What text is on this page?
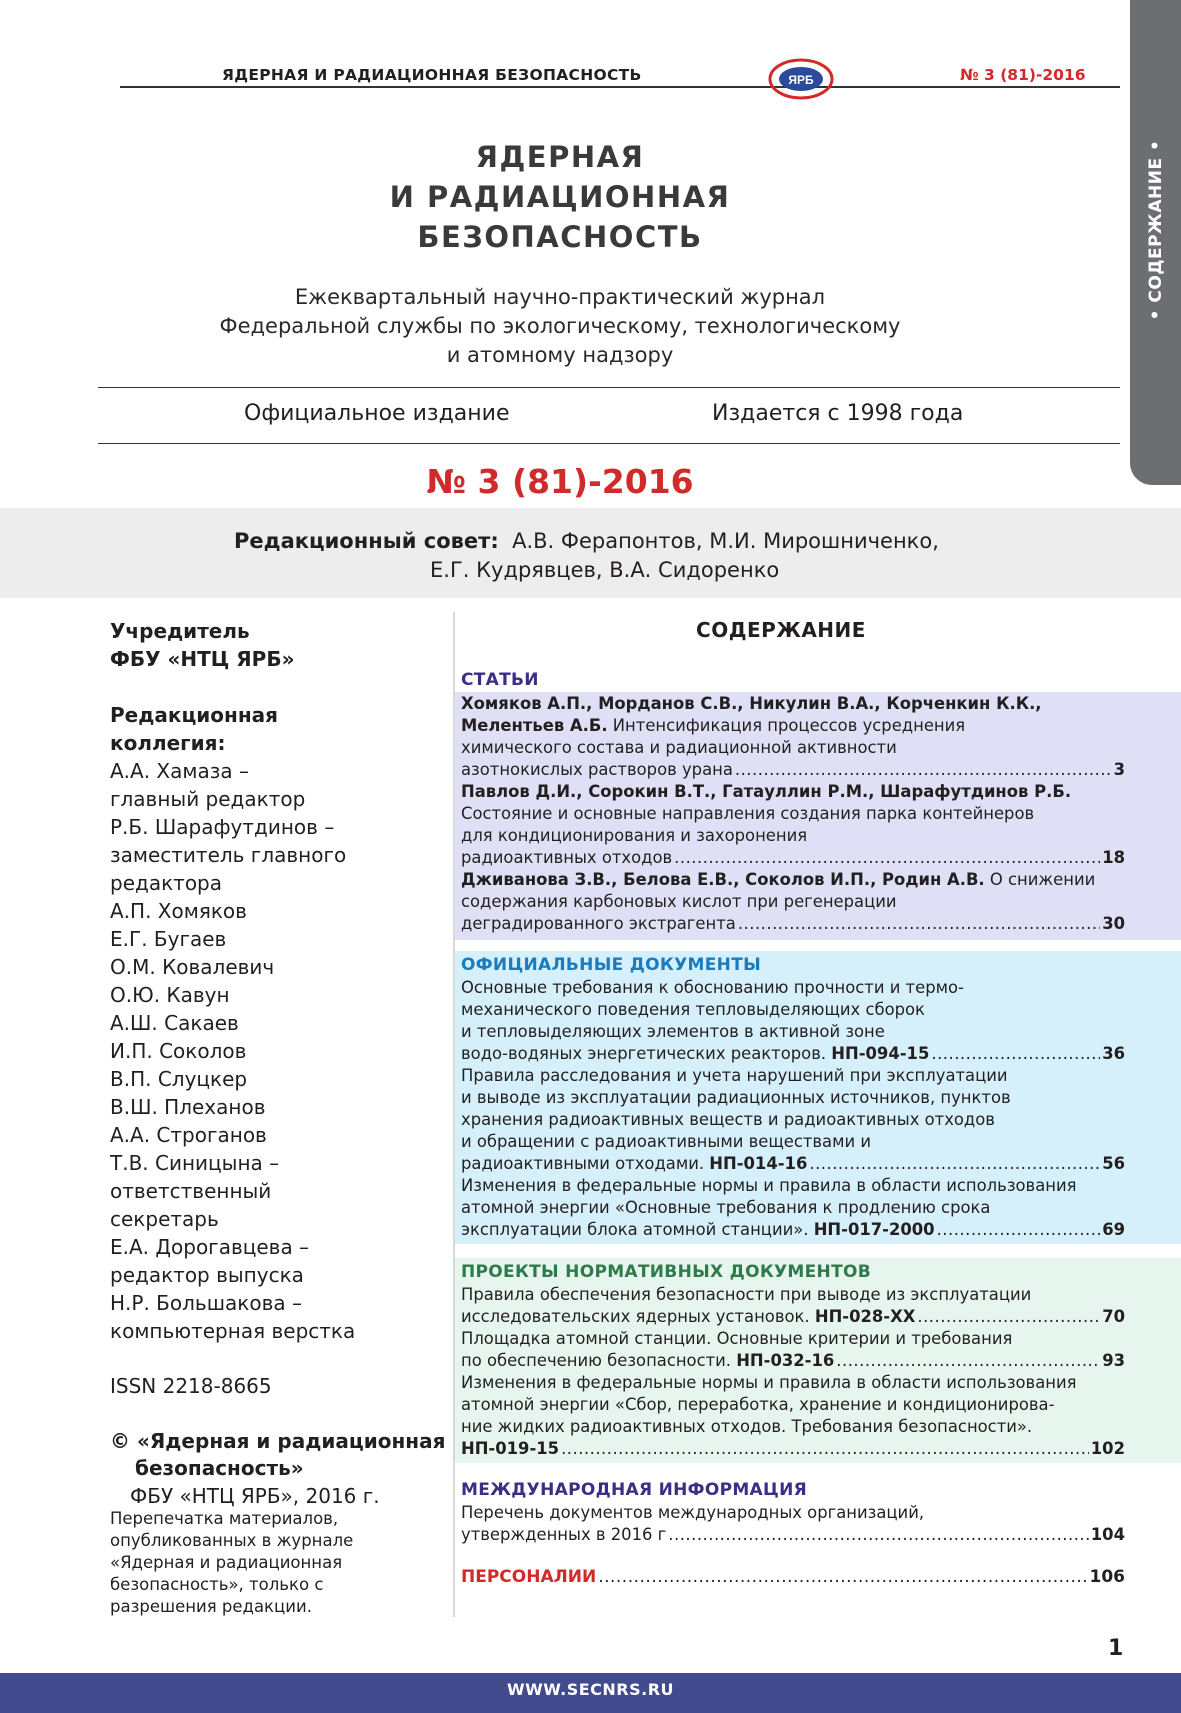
ЯДЕРНАЯ И РАДИАЦИОННАЯ БЕЗОПАСНОСТЬ	№ 3 (81)-2016
ЯРБ
• СОДЕРЖАНИЕ •
ЯДЕРНАЯ
И РАДИАЦИОННАЯ
БЕЗОПАСНОСТЬ
Ежеквартальный научно-практический журнал
Федеральной службы по экологическому, технологическому
и атомному надзору
Официальное издание	Издается с 1998 года
№ 3 (81)-2016
Редакционный совет: А.В. Ферапонтов, М.И. Мирошниченко,
Е.Г. Кудрявцев, В.А. Сидоренко
Учредитель
ФБУ «НТЦ ЯРБ»
Редакционная
коллегия:
А.А. Хамаза –
главный редактор
Р.Б. Шарафутдинов –
заместитель главного
редактора
А.П. Хомяков
Е.Г. Бугаев
О.М. Ковалевич
О.Ю. Кавун
А.Ш. Сакаев
И.П. Соколов
В.П. Слуцкер
В.Ш. Плеханов
А.А. Строганов
Т.В. Синицына –
ответственный
секретарь
Е.А. Дорогавцева –
редактор выпуска
Н.Р. Большакова –
компьютерная верстка
ISSN 2218-8665
© «Ядерная и радиационная
безопасность»
ФБУ «НТЦ ЯРБ», 2016 г.
Перепечатка материалов,
опубликованных в журнале
«Ядерная и радиационная
безопасность», только с
разрешения редакции.
СОДЕРЖАНИЕ
СТАТЬИ
Хомяков А.П., Морданов С.В., Никулин В.А., Корченкин К.К.,
Мелентьев А.Б. Интенсификация процессов усреднения
химического состава и радиационной активности
азотнокислых растворов урана .....	3
Павлов Д.И., Сорокин В.Т., Гатауллин Р.М., Шарафутдинов Р.Б.
Состояние и основные направления создания парка контейнеров
для кондиционирования и захоронения
радиоактивных отходов .....	18
Дживанова З.В., Белова Е.В., Соколов И.П., Родин А.В. О снижении
содержания карбоновых кислот при регенерации
деградированного экстрагента .....	30
ОФИЦИАЛЬНЫЕ ДОКУМЕНТЫ
Основные требования к обоснованию прочности и термо-
механического поведения тепловыделяющих сборок
и тепловыделяющих элементов в активной зоне
водо-водяных энергетических реакторов. НП-094-15 .....	36
Правила расследования и учета нарушений при эксплуатации
и выводе из эксплуатации радиационных источников, пунктов
хранения радиоактивных веществ и радиоактивных отходов
и обращении с радиоактивными веществами и
радиоактивными отходами. НП-014-16 .....	56
Изменения в федеральные нормы и правила в области использования
атомной энергии «Основные требования к продлению срока
эксплуатации блока атомной станции». НП-017-2000 .....	69
ПРОЕКТЫ НОРМАТИВНЫХ ДОКУМЕНТОВ
Правила обеспечения безопасности при выводе из эксплуатации
исследовательских ядерных установок. НП-028-XX .....	70
Площадка атомной станции. Основные критерии и требования
по обеспечению безопасности. НП-032-16 .....	93
Изменения в федеральные нормы и правила в области использования
атомной энергии «Сбор, переработка, хранение и кондиционирова-
ние жидких радиоактивных отходов. Требования безопасности».
НП-019-15 .....	102
МЕЖДУНАРОДНАЯ ИНФОРМАЦИЯ
Перечень документов международных организаций,
утвержденных в 2016 г .....	104
ПЕРСОНАЛИИ .....	106
1
WWW.SECNRS.RU
